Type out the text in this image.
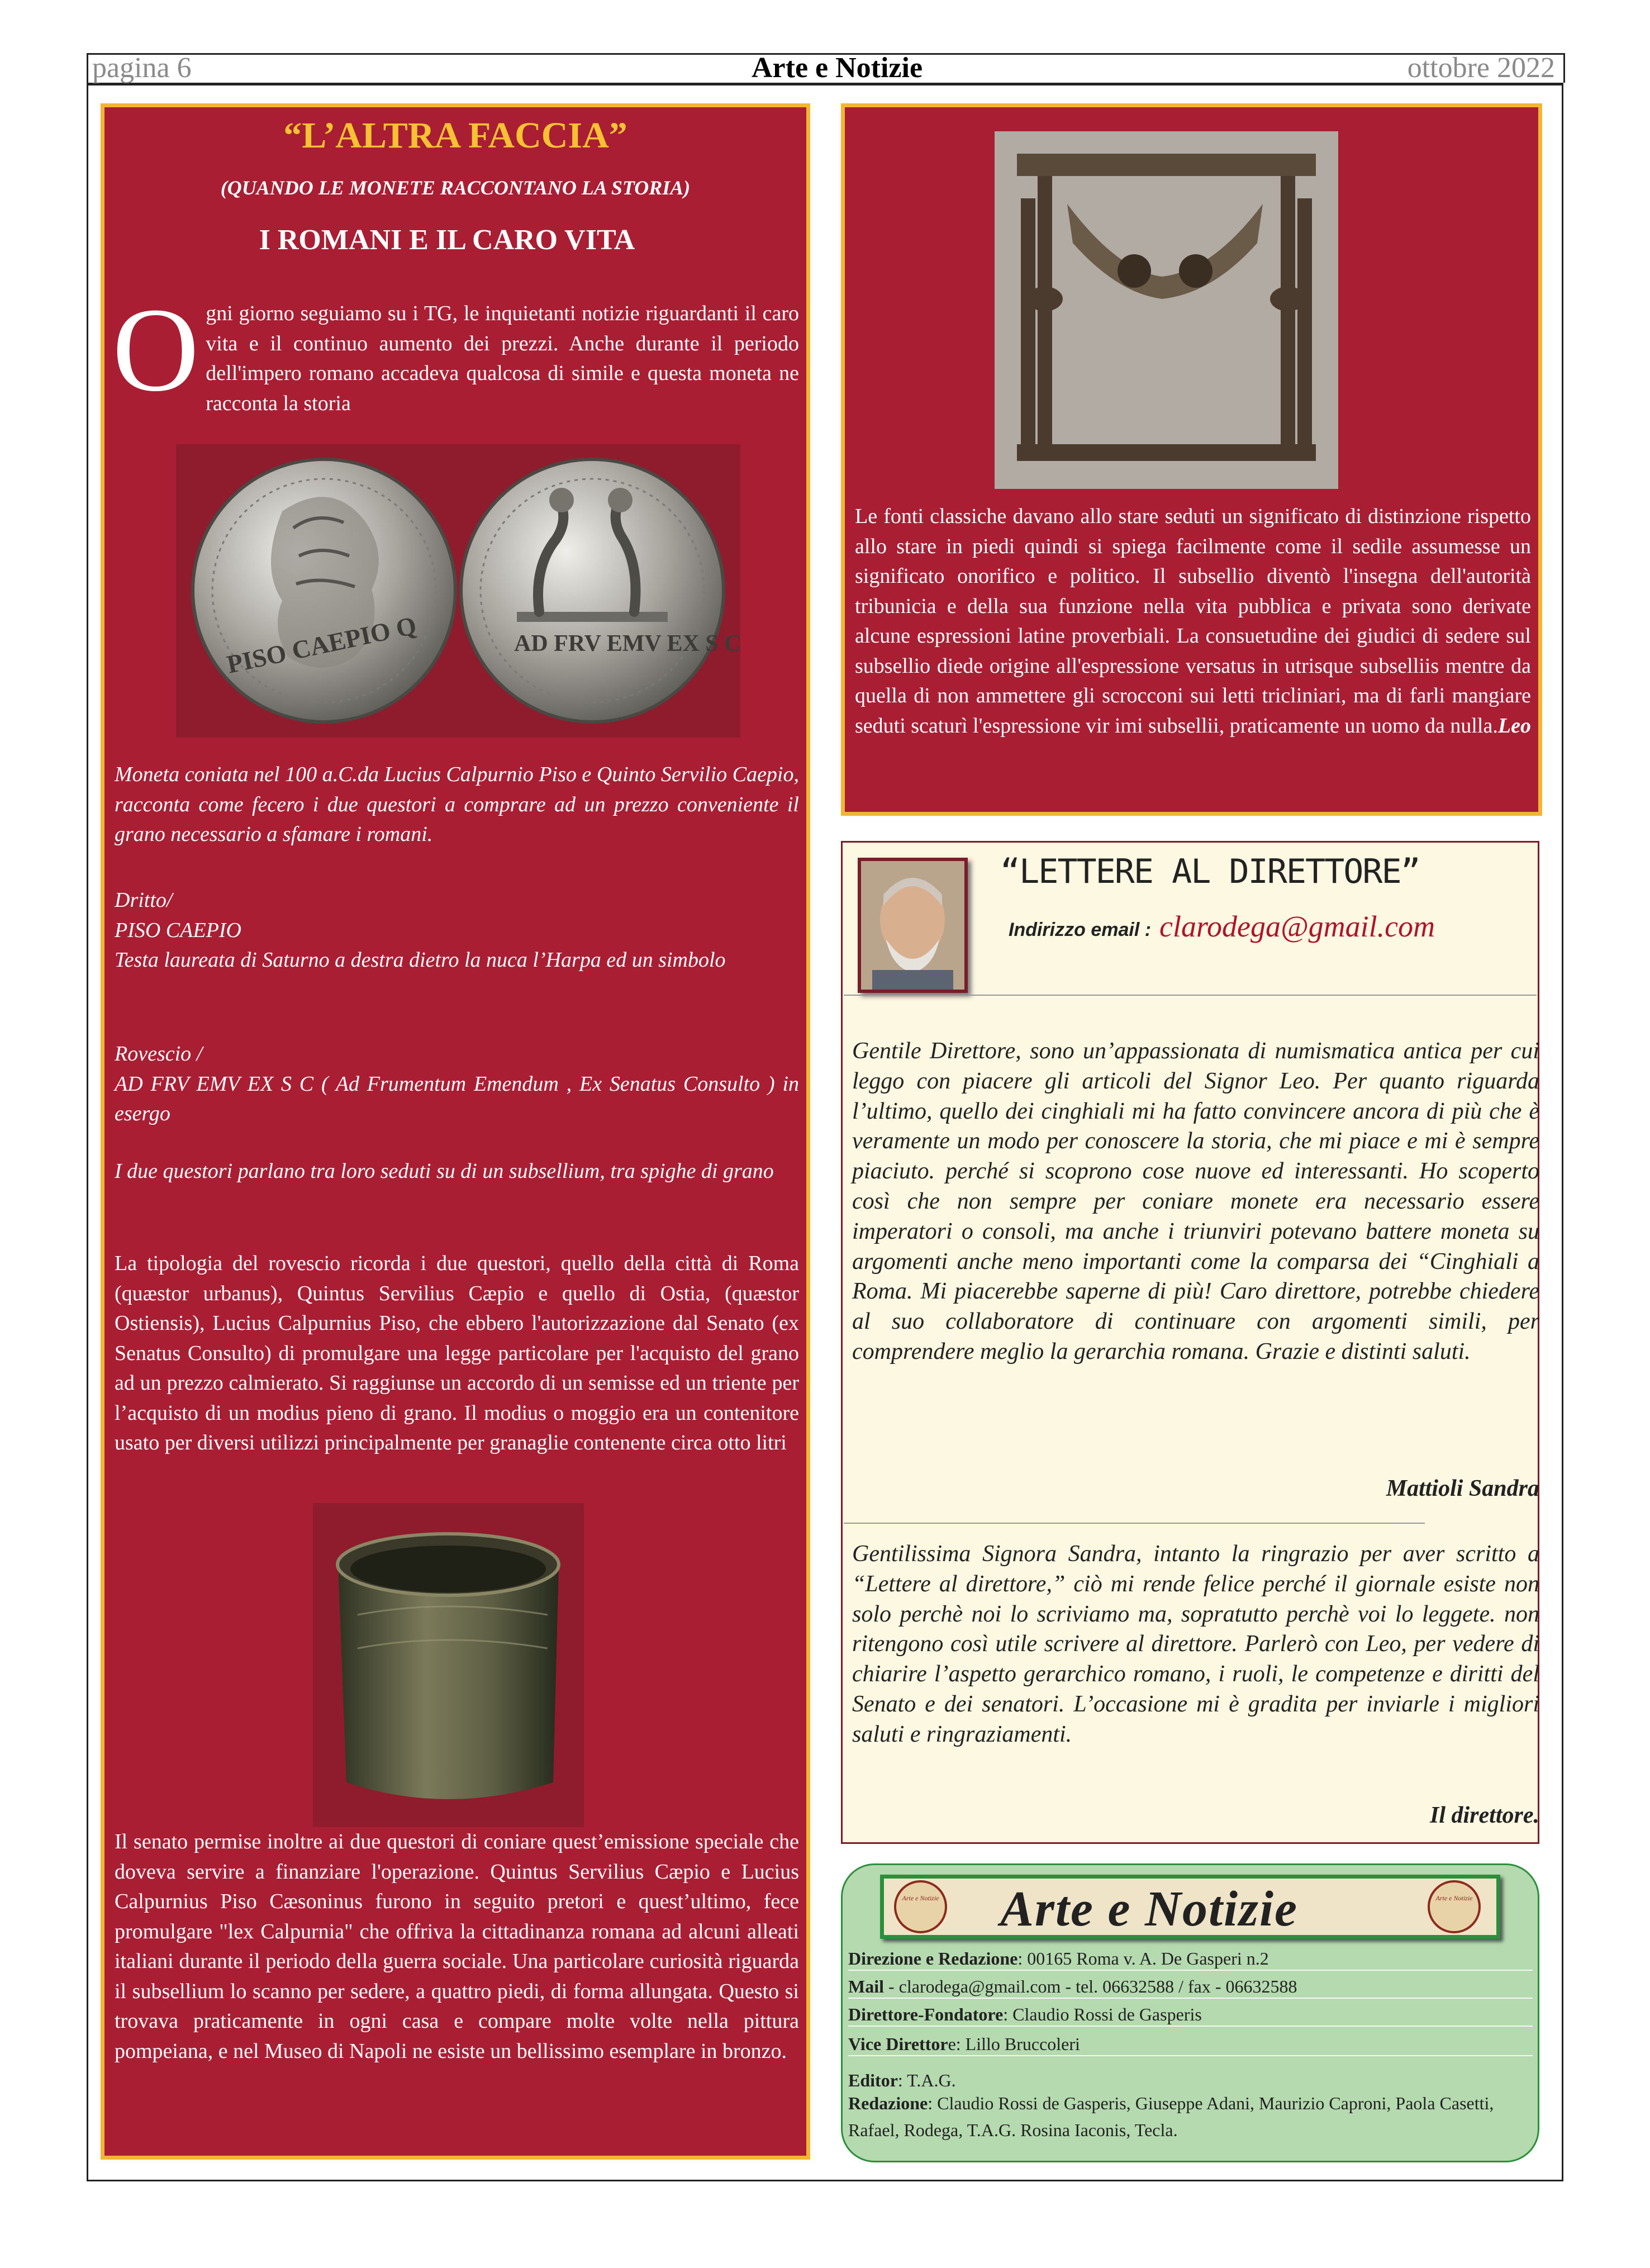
pagina 6	Arte e Notizie	ottobre 2022
“L’ALTRA FACCIA”
(QUANDO LE MONETE RACCONTANO LA STORIA)
I ROMANI E IL CARO VITA
Ogni giorno seguiamo su i TG, le inquietanti notizie riguardanti il caro vita e il continuo aumento dei prezzi. Anche durante il periodo dell'impero romano accadeva qualcosa di simile e questa moneta ne racconta la storia
PISO CAEPIO Q	AD FRV EMV EX S C
Moneta coniata nel 100 a.C.da Lucius Calpurnio Piso e Quinto Servilio Caepio, racconta come fecero i due questori a comprare ad un prezzo conveniente il grano necessario a sfamare i romani.
Dritto/
PISO CAEPIO
Testa laureata di Saturno a destra dietro la nuca l’Harpa ed un simbolo
Rovescio /
AD FRV EMV EX S C ( Ad Frumentum Emendum , Ex Senatus Consulto ) in esergo
I due questori parlano tra loro seduti su di un subsellium, tra spighe di grano
La tipologia del rovescio ricorda i due questori, quello della città di Roma (quæstor urbanus), Quintus Servilius Cæpio e quello di Ostia, (quæstor Ostiensis), Lucius Calpurnius Piso, che ebbero l'autorizzazione dal Senato (ex Senatus Consulto) di promulgare una legge particolare per l'acquisto del grano ad un prezzo calmierato. Si raggiunse un accordo di un semisse ed un triente per l’acquisto di un modius pieno di grano. Il modius o moggio era un contenitore usato per diversi utilizzi principalmente per granaglie contenente circa otto litri
Il senato permise inoltre ai due questori di coniare quest’emissione speciale che doveva servire a finanziare l'operazione. Quintus Servilius Cæpio e Lucius Calpurnius Piso Cæsoninus furono in seguito pretori e quest’ultimo, fece promulgare "lex Calpurnia" che offriva la cittadinanza romana ad alcuni alleati italiani durante il periodo della guerra sociale. Una particolare curiosità riguarda il subsellium lo scanno per sedere, a quattro piedi, di forma allungata. Questo si trovava praticamente in ogni casa e compare molte volte nella pittura pompeiana, e nel Museo di Napoli ne esiste un bellissimo esemplare in bronzo.
Le fonti classiche davano allo stare seduti un significato di distinzione rispetto allo stare in piedi quindi si spiega facilmente come il sedile assumesse un significato onorifico e politico. Il subsellio diventò l'insegna dell'autorità tribunicia e della sua funzione nella vita pubblica e privata sono derivate alcune espressioni latine proverbiali. La consuetudine dei giudici di sedere sul subsellio diede origine all'espressione versatus in utrisque subselliis mentre da quella di non ammettere gli scrocconi sui letti tricliniari, ma di farli mangiare seduti scaturì l'espressione vir imi subsellii, praticamente un uomo da nulla. Leo
“LETTERE AL DIRETTORE”
Indirizzo email : clarodega@gmail.com
Gentile Direttore, sono un’appassionata di numismatica antica per cui leggo con piacere gli articoli del Signor Leo. Per quanto riguarda l’ultimo, quello dei cinghiali mi ha fatto convincere ancora di più che è veramente un modo per conoscere la storia, che mi piace e mi è sempre piaciuto. perché si scoprono cose nuove ed interessanti. Ho scoperto così che non sempre per coniare monete era necessario essere imperatori o consoli, ma anche i triunviri potevano battere moneta su argomenti anche meno importanti come la comparsa dei “Cinghiali a Roma. Mi piacerebbe saperne di più! Caro direttore, potrebbe chiedere al suo collaboratore di continuare con argomenti simili, per comprendere meglio la gerarchia romana. Grazie e distinti saluti.
Mattioli Sandra
Gentilissima Signora Sandra, intanto la ringrazio per aver scritto a “Lettere al direttore,” ciò mi rende felice perché il giornale esiste non solo perchè noi lo scriviamo ma, sopratutto perchè voi lo leggete. non ritengono così utile scrivere al direttore. Parlerò con Leo, per vedere di chiarire l’aspetto gerarchico romano, i ruoli, le competenze e diritti del Senato e dei senatori. L’occasione mi è gradita per inviarle i migliori saluti e ringraziamenti.
Il direttore.
Arte e Notizie	Arte e Notizie
Arte e Notizie
Direzione e Redazione: 00165 Roma v. A. De Gasperi n.2
Mail - clarodega@gmail.com - tel. 06632588 / fax - 06632588
Direttore-Fondatore: Claudio Rossi de Gasperis
Vice Direttore: Lillo Bruccoleri
Editor: T.A.G.
Redazione: Claudio Rossi de Gasperis, Giuseppe Adani, Maurizio Caproni, Paola Casetti, Rafael, Rodega, T.A.G. Rosina Iaconis, Tecla.
